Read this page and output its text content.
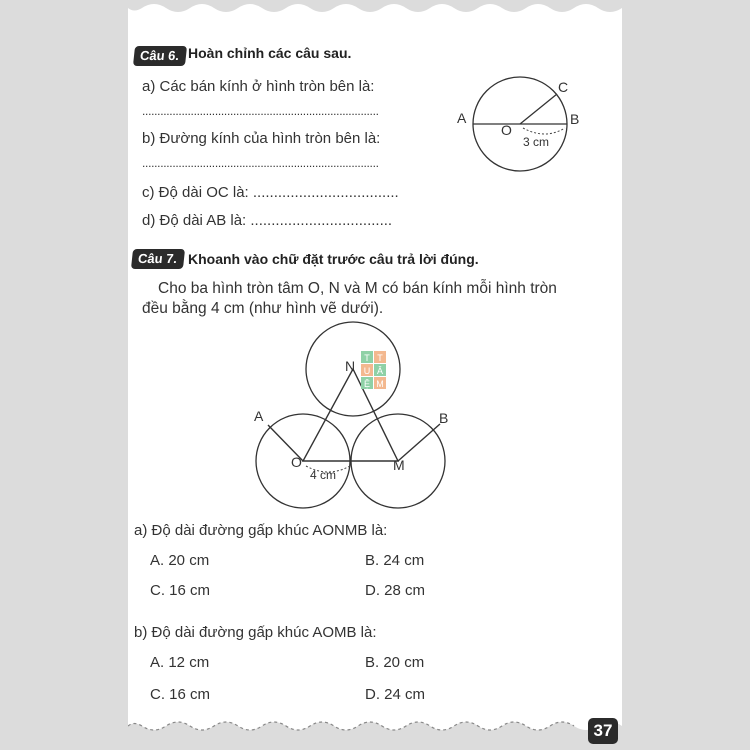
Câu 6. Hoàn chỉnh các câu sau.
a) Các bán kính ở hình tròn bên là:
..............................................................................
b) Đường kính của hình tròn bên là:
..............................................................................
c) Độ dài OC là: ...................................
d) Độ dài AB là: ..................................
A	B
C
O
3 cm
Câu 7. Khoanh vào chữ đặt trước câu trả lời đúng.
Cho ba hình tròn tâm O, N và M có bán kính mỗi hình tròn
đều bằng 4 cm (như hình vẽ dưới).
T T
U Â
Ệ M
N
A	B
O	M
4 cm
a) Độ dài đường gấp khúc AONMB là:
A. 20 cm	B. 24 cm
C. 16 cm	D. 28 cm
b) Độ dài đường gấp khúc AOMB là:
A. 12 cm	B. 20 cm
C. 16 cm	D. 24 cm
37
